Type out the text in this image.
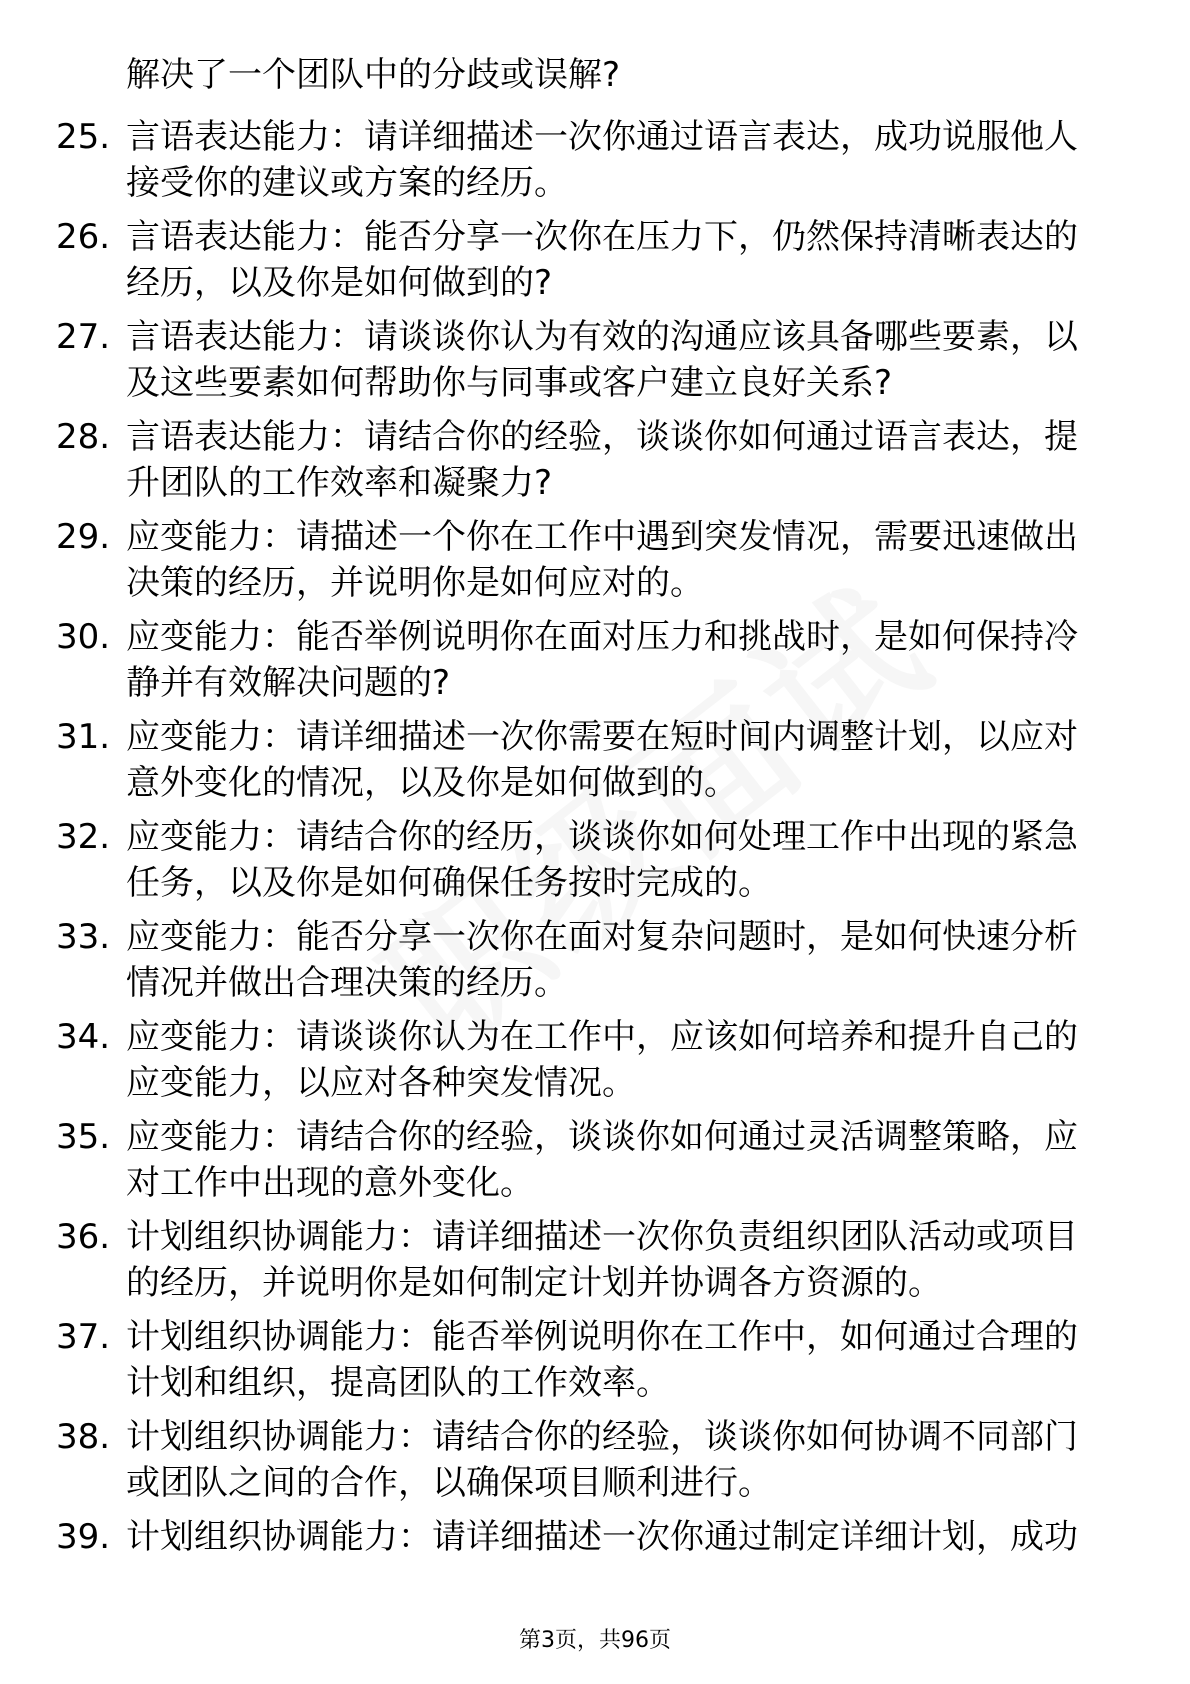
解决了一个团队中的分歧或误解?

25. 言语表达能力：请详细描述一次你通过语言表达，成功说服他人
接受你的建议或方案的经历。
26. 言语表达能力：能否分享一次你在压力下，仍然保持清晰表达的
经历，以及你是如何做到的?
27. 言语表达能力：请谈谈你认为有效的沟通应该具备哪些要素，以
及这些要素如何帮助你与同事或客户建立良好关系?
28. 言语表达能力：请结合你的经验，谈谈你如何通过语言表达，提
升团队的工作效率和凝聚力?
29. 应变能力：请描述一个你在工作中遇到突发情况，需要迅速做出
决策的经历，并说明你是如何应对的。
30. 应变能力：能否举例说明你在面对压力和挑战时，是如何保持冷
静并有效解决问题的?
31. 应变能力：请详细描述一次你需要在短时间内调整计划，以应对
意外变化的情况，以及你是如何做到的。
32. 应变能力：请结合你的经历，谈谈你如何处理工作中出现的紧急
任务，以及你是如何确保任务按时完成的。
33. 应变能力：能否分享一次你在面对复杂问题时，是如何快速分析
情况并做出合理决策的经历。
34. 应变能力：请谈谈你认为在工作中，应该如何培养和提升自己的
应变能力，以应对各种突发情况。
35. 应变能力：请结合你的经验，谈谈你如何通过灵活调整策略，应
对工作中出现的意外变化。
36. 计划组织协调能力：请详细描述一次你负责组织团队活动或项目
的经历，并说明你是如何制定计划并协调各方资源的。
37. 计划组织协调能力：能否举例说明你在工作中，如何通过合理的
计划和组织，提高团队的工作效率。
38. 计划组织协调能力：请结合你的经验，谈谈你如何协调不同部门
或团队之间的合作，以确保项目顺利进行。
39. 计划组织协调能力：请详细描述一次你通过制定详细计划，成功
第3页，共96页
